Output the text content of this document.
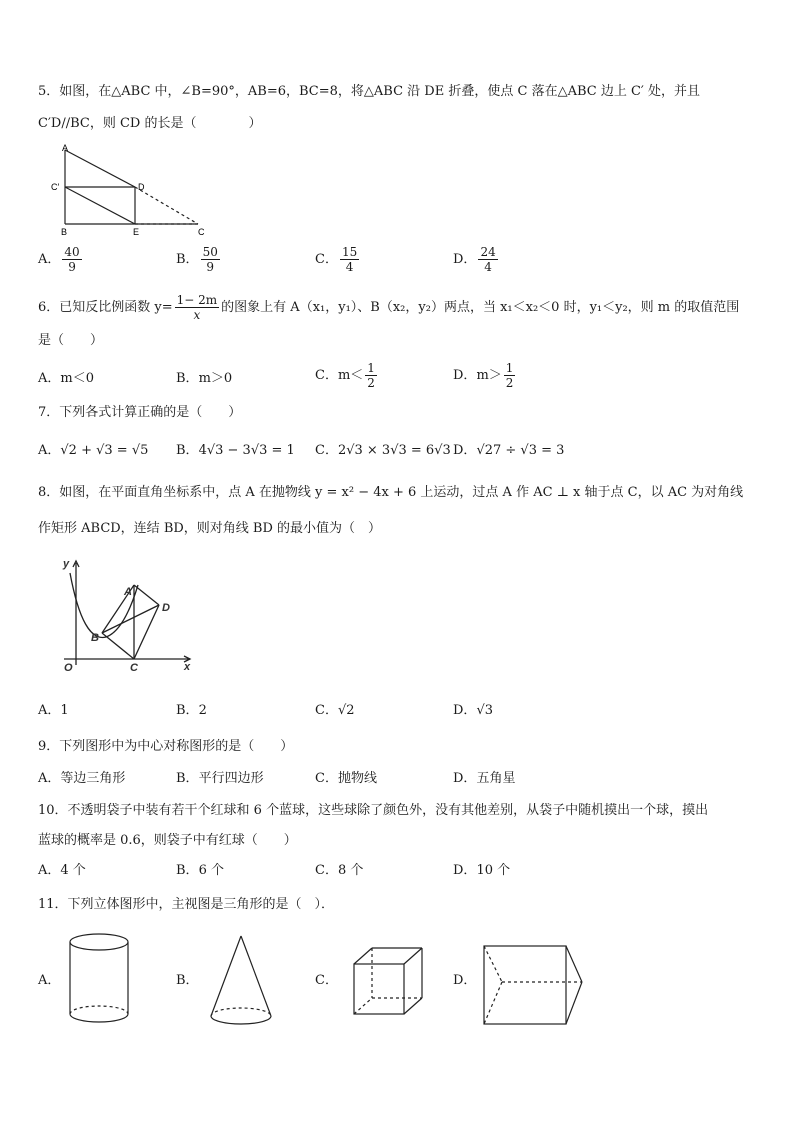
5．如图，在△ABC 中，∠B=90°，AB=6，BC=8，将△ABC 沿 DE 折叠，使点 C 落在△ABC 边上 C′ 处，并且
C′D//BC，则 CD 的长是（　　　　）
A
C′	D
B	E	C
A． $\frac{40}{9}$	B． $\frac{50}{9}$	C． $\frac{15}{4}$	D． $\frac{24}{4}$
6．已知反比例函数 $y= \frac{1- 2m}{x}$ 的图象上有 A（x₁，y₁）、B（x₂，y₂）两点，当 x₁＜x₂＜0 时，y₁＜y₂，则 m 的取值范围
是（　　）
A．m＜0	B．m＞0	C．$m< \frac{1}{2}$	D．$m> \frac{1}{2}$
7．下列各式计算正确的是（　　）
A．√2 + √3 = √5 B．4√3 − 3√3 = 1 C．2√3 × 3√3 = 6√3 D．√27 ÷ √3 = 3
8．如图，在平面直角坐标系中，点 A 在抛物线 y = x² − 4x + 6 上运动，过点 A 作 AC ⊥ x 轴于点 C，以 AC 为对角线
作矩形 ABCD，连结 BD，则对角线 BD 的最小值为（　）
y
A
D
B
O	C	x
A．1	B．2	C．√2	D．√3
9．下列图形中为中心对称图形的是（　　）
A．等边三角形	B．平行四边形	C．抛物线	D．五角星
10．不透明袋子中装有若干个红球和 6 个蓝球，这些球除了颜色外，没有其他差别，从袋子中随机摸出一个球，摸出
蓝球的概率是 0.6，则袋子中有红球（　　）
A．4 个	B．6 个	C．8 个	D．10 个
11．下列立体图形中，主视图是三角形的是（　）．
A．	B．	C．	D．
